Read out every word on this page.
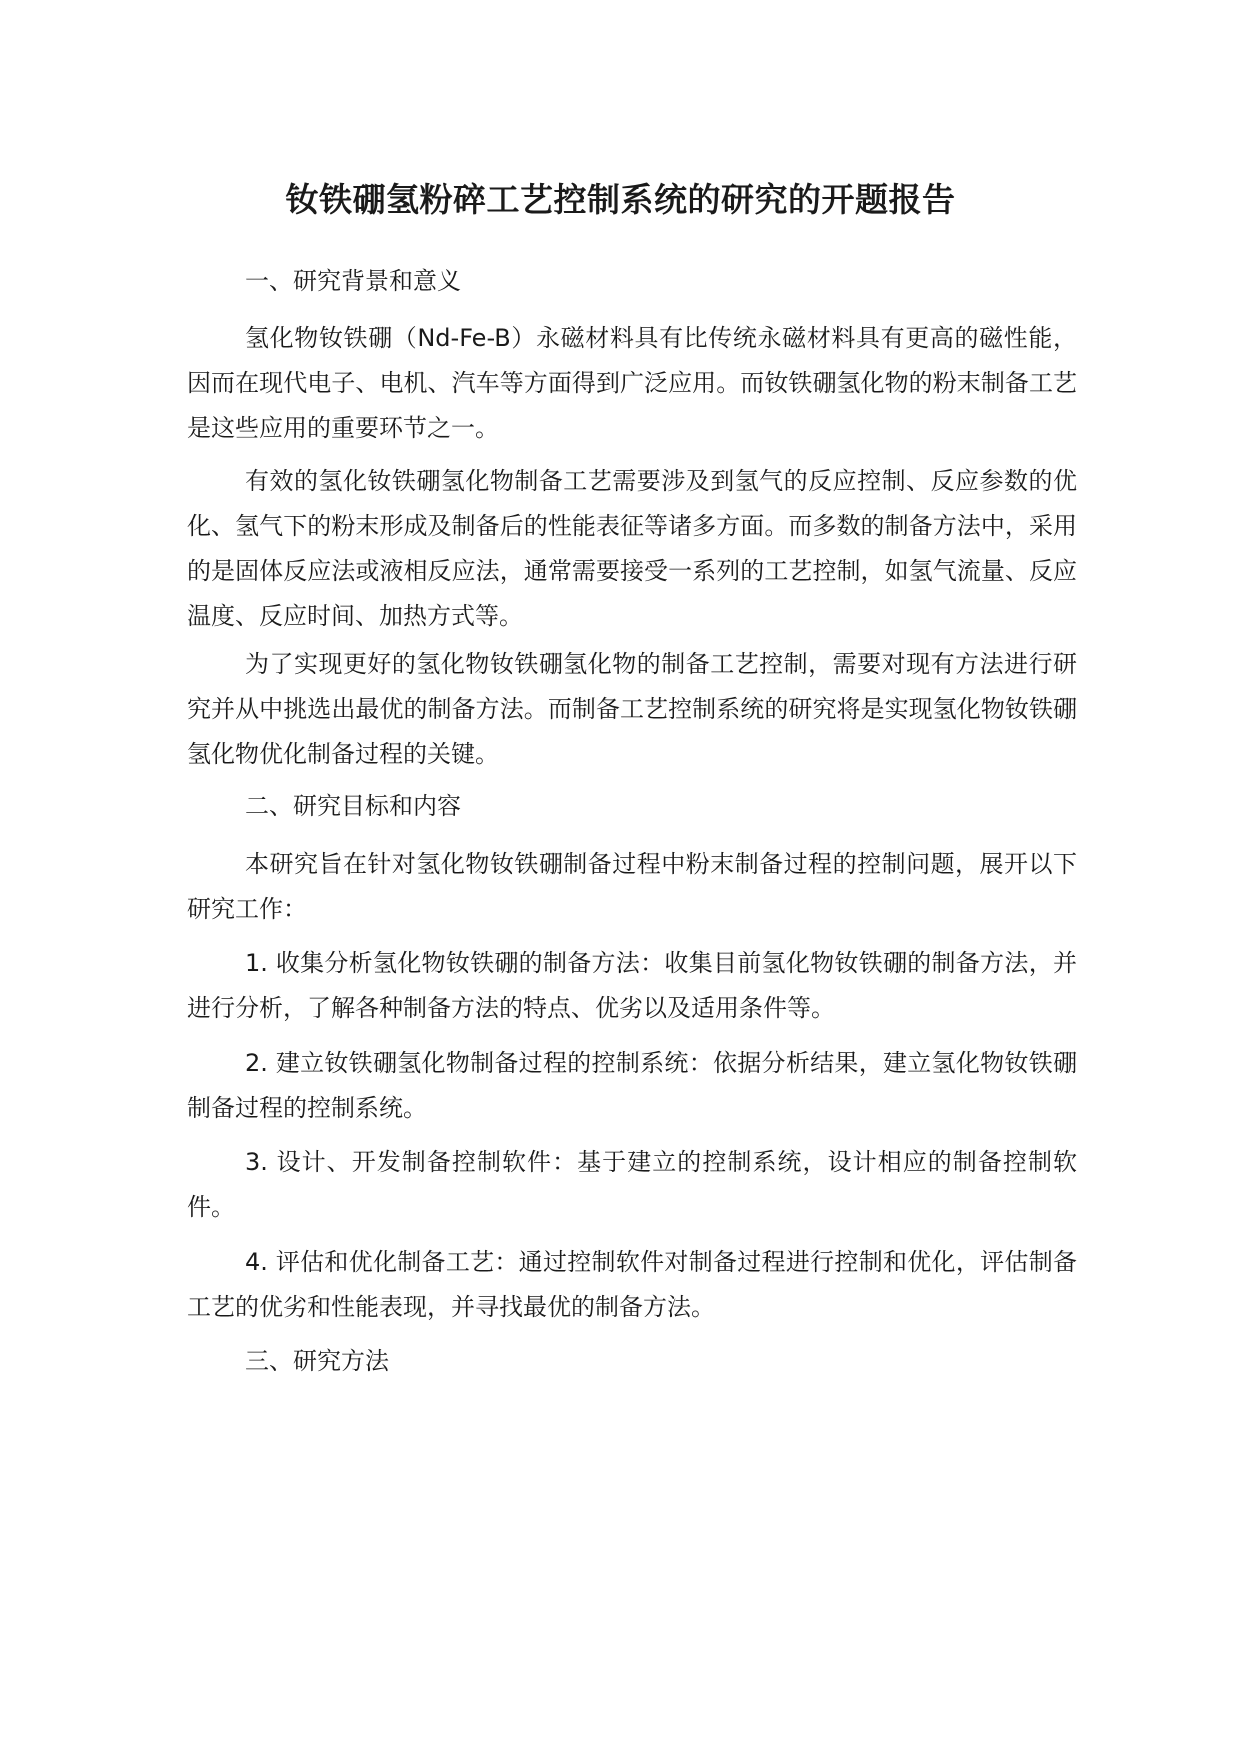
钕铁硼氢粉碎工艺控制系统的研究的开题报告

一、研究背景和意义

氢化物钕铁硼（Nd-Fe-B）永磁材料具有比传统永磁材料具有更高的磁性能，因而在现代电子、电机、汽车等方面得到广泛应用。而钕铁硼氢化物的粉末制备工艺是这些应用的重要环节之一。

有效的氢化钕铁硼氢化物制备工艺需要涉及到氢气的反应控制、反应参数的优化、氢气下的粉末形成及制备后的性能表征等诸多方面。而多数的制备方法中，采用的是固体反应法或液相反应法，通常需要接受一系列的工艺控制，如氢气流量、反应温度、反应时间、加热方式等。

为了实现更好的氢化物钕铁硼氢化物的制备工艺控制，需要对现有方法进行研究并从中挑选出最优的制备方法。而制备工艺控制系统的研究将是实现氢化物钕铁硼氢化物优化制备过程的关键。

二、研究目标和内容

本研究旨在针对氢化物钕铁硼制备过程中粉末制备过程的控制问题，展开以下研究工作：

1. 收集分析氢化物钕铁硼的制备方法：收集目前氢化物钕铁硼的制备方法，并进行分析，了解各种制备方法的特点、优劣以及适用条件等。

2. 建立钕铁硼氢化物制备过程的控制系统：依据分析结果，建立氢化物钕铁硼制备过程的控制系统。

3. 设计、开发制备控制软件：基于建立的控制系统，设计相应的制备控制软件。

4. 评估和优化制备工艺：通过控制软件对制备过程进行控制和优化，评估制备工艺的优劣和性能表现，并寻找最优的制备方法。

三、研究方法
